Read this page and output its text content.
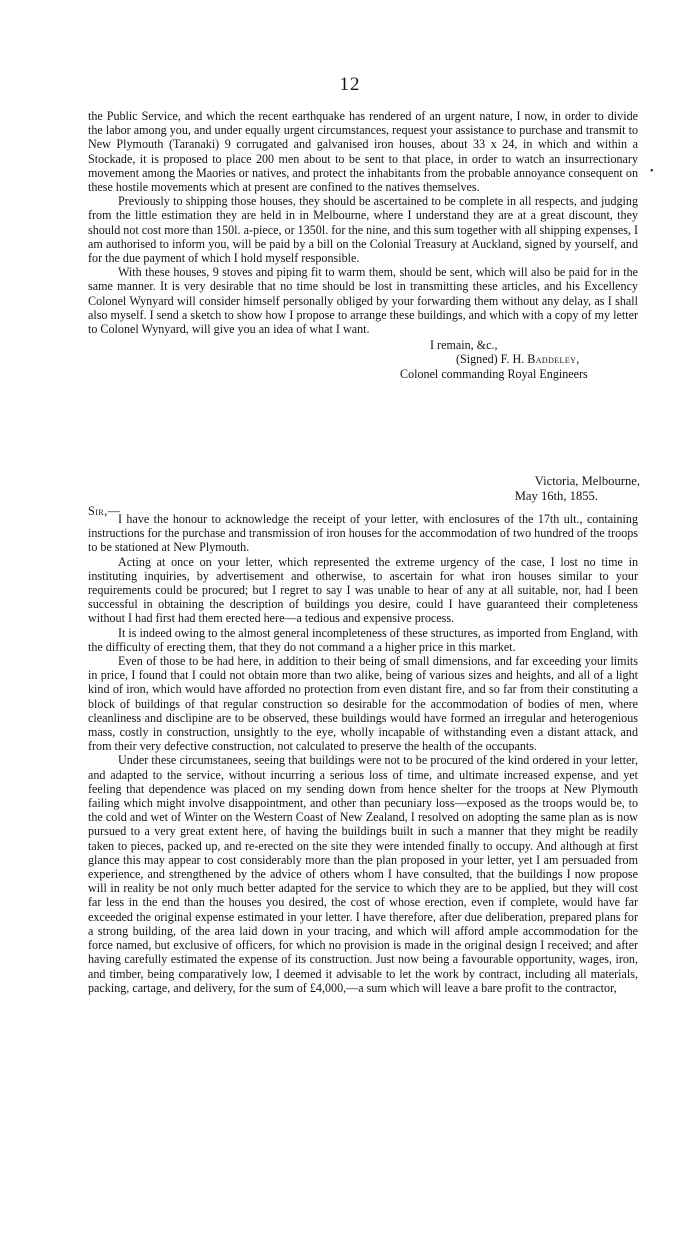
12
•

the Public Service, and which the recent earthquake has rendered of an urgent nature, I now, in order to divide the labor among you, and under equally urgent circumstances, request your assistance to purchase and transmit to New Plymouth (Taranaki) 9 corrugated and galvanised iron houses, about 33 x 24, in which and within a Stockade, it is proposed to place 200 men about to be sent to that place, in order to watch an insurrectionary movement among the Maories or natives, and protect the inhabitants from the probable annoyance consequent on these hostile movements which at present are confined to the natives themselves.

Previously to shipping those houses, they should be ascertained to be complete in all respects, and judging from the little estimation they are held in in Melbourne, where I understand they are at a great discount, they should not cost more than 150l. a-piece, or 1350l. for the nine, and this sum together with all shipping expenses, I am authorised to inform you, will be paid by a bill on the Colonial Treasury at Auckland, signed by yourself, and for the due payment of which I hold myself responsible.

With these houses, 9 stoves and piping fit to warm them, should be sent, which will also be paid for in the same manner. It is very desirable that no time should be lost in transmitting these articles, and his Excellency Colonel Wynyard will consider himself personally obliged by your forwarding them without any delay, as I shall also myself. I send a sketch to show how I propose to arrange these buildings, and which with a copy of my letter to Colonel Wynyard, will give you an idea of what I want.

I remain, &c.,
(Signed) F. H. Baddeley,
Colonel commanding Royal Engineers
Victoria, Melbourne,
May 16th, 1855.
Sir,—

I have the honour to acknowledge the receipt of your letter, with enclosures of the 17th ult., containing instructions for the purchase and transmission of iron houses for the accommodation of two hundred of the troops to be stationed at New Plymouth.

Acting at once on your letter, which represented the extreme urgency of the case, I lost no time in instituting inquiries, by advertisement and otherwise, to ascertain for what iron houses similar to your requirements could be procured; but I regret to say I was unable to hear of any at all suitable, nor, had I been successful in obtaining the description of buildings you desire, could I have guaranteed their completeness without I had first had them erected here—a tedious and expensive process.

It is indeed owing to the almost general incompleteness of these structures, as imported from England, with the difficulty of erecting them, that they do not command a a higher price in this market.

Even of those to be had here, in addition to their being of small dimensions, and far exceeding your limits in price, I found that I could not obtain more than two alike, being of various sizes and heights, and all of a light kind of iron, which would have afforded no protection from even distant fire, and so far from their constituting a block of buildings of that regular construction so desirable for the accommodation of bodies of men, where cleanliness and disclipine are to be observed, these buildings would have formed an irregular and heterogenious mass, costly in construction, unsightly to the eye, wholly incapable of withstanding even a distant attack, and from their very defective construction, not calculated to preserve the health of the occupants.

Under these circumstanees, seeing that buildings were not to be procured of the kind ordered in your letter, and adapted to the service, without incurring a serious loss of time, and ultimate increased expense, and yet feeling that dependence was placed on my sending down from hence shelter for the troops at New Plymouth failing which might involve disappointment, and other than pecuniary loss—exposed as the troops would be, to the cold and wet of Winter on the Western Coast of New Zealand, I resolved on adopting the same plan as is now pursued to a very great extent here, of having the buildings built in such a manner that they might be readily taken to pieces, packed up, and re-erected on the site they were intended finally to occupy. And although at first glance this may appear to cost considerably more than the plan proposed in your letter, yet I am persuaded from experience, and strengthened by the advice of others whom I have consulted, that the buildings I now propose will in reality be not only much better adapted for the service to which they are to be applied, but they will cost far less in the end than the houses you desired, the cost of whose erection, even if complete, would have far exceeded the original expense estimated in your letter. I have therefore, after due deliberation, prepared plans for a strong building, of the area laid down in your tracing, and which will afford ample accommodation for the force named, but exclusive of officers, for which no provision is made in the original design I received; and after having carefully estimated the expense of its construction. Just now being a favourable opportunity, wages, iron, and timber, being comparatively low, I deemed it advisable to let the work by contract, including all materials, packing, cartage, and delivery, for the sum of £4,000,—a sum which will leave a bare profit to the contractor,
